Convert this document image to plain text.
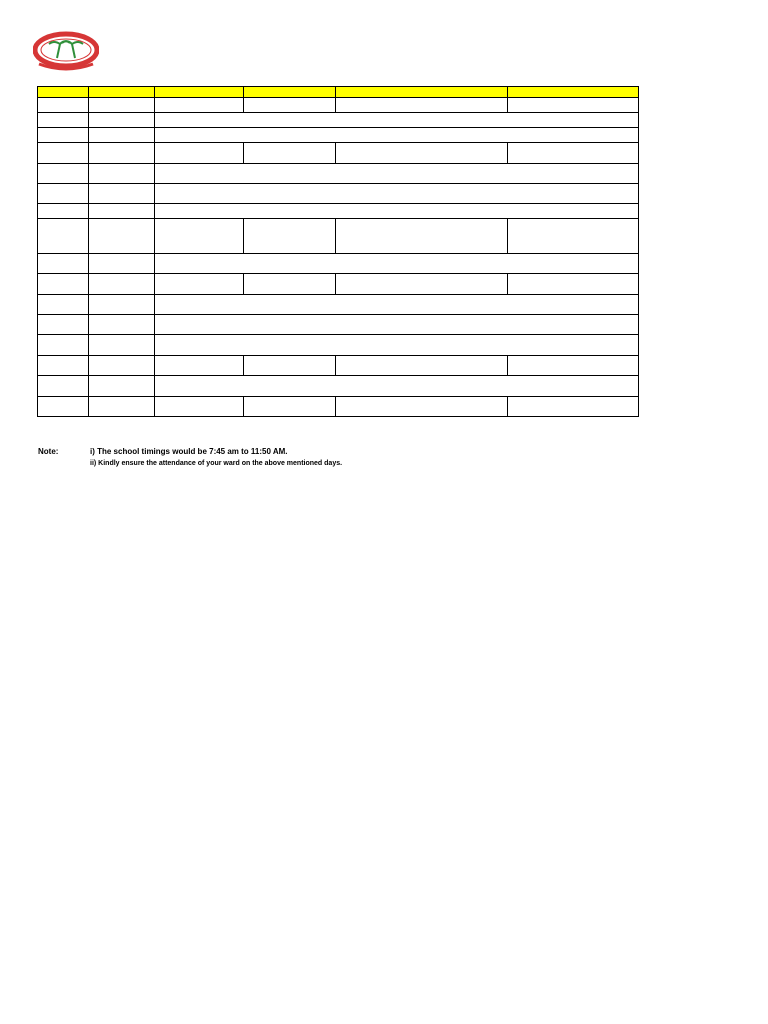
Note:	i) The school timings would be 7:45 am to 11:50 AM.
ii) Kindly ensure the attendance of your ward on the above mentioned days.
